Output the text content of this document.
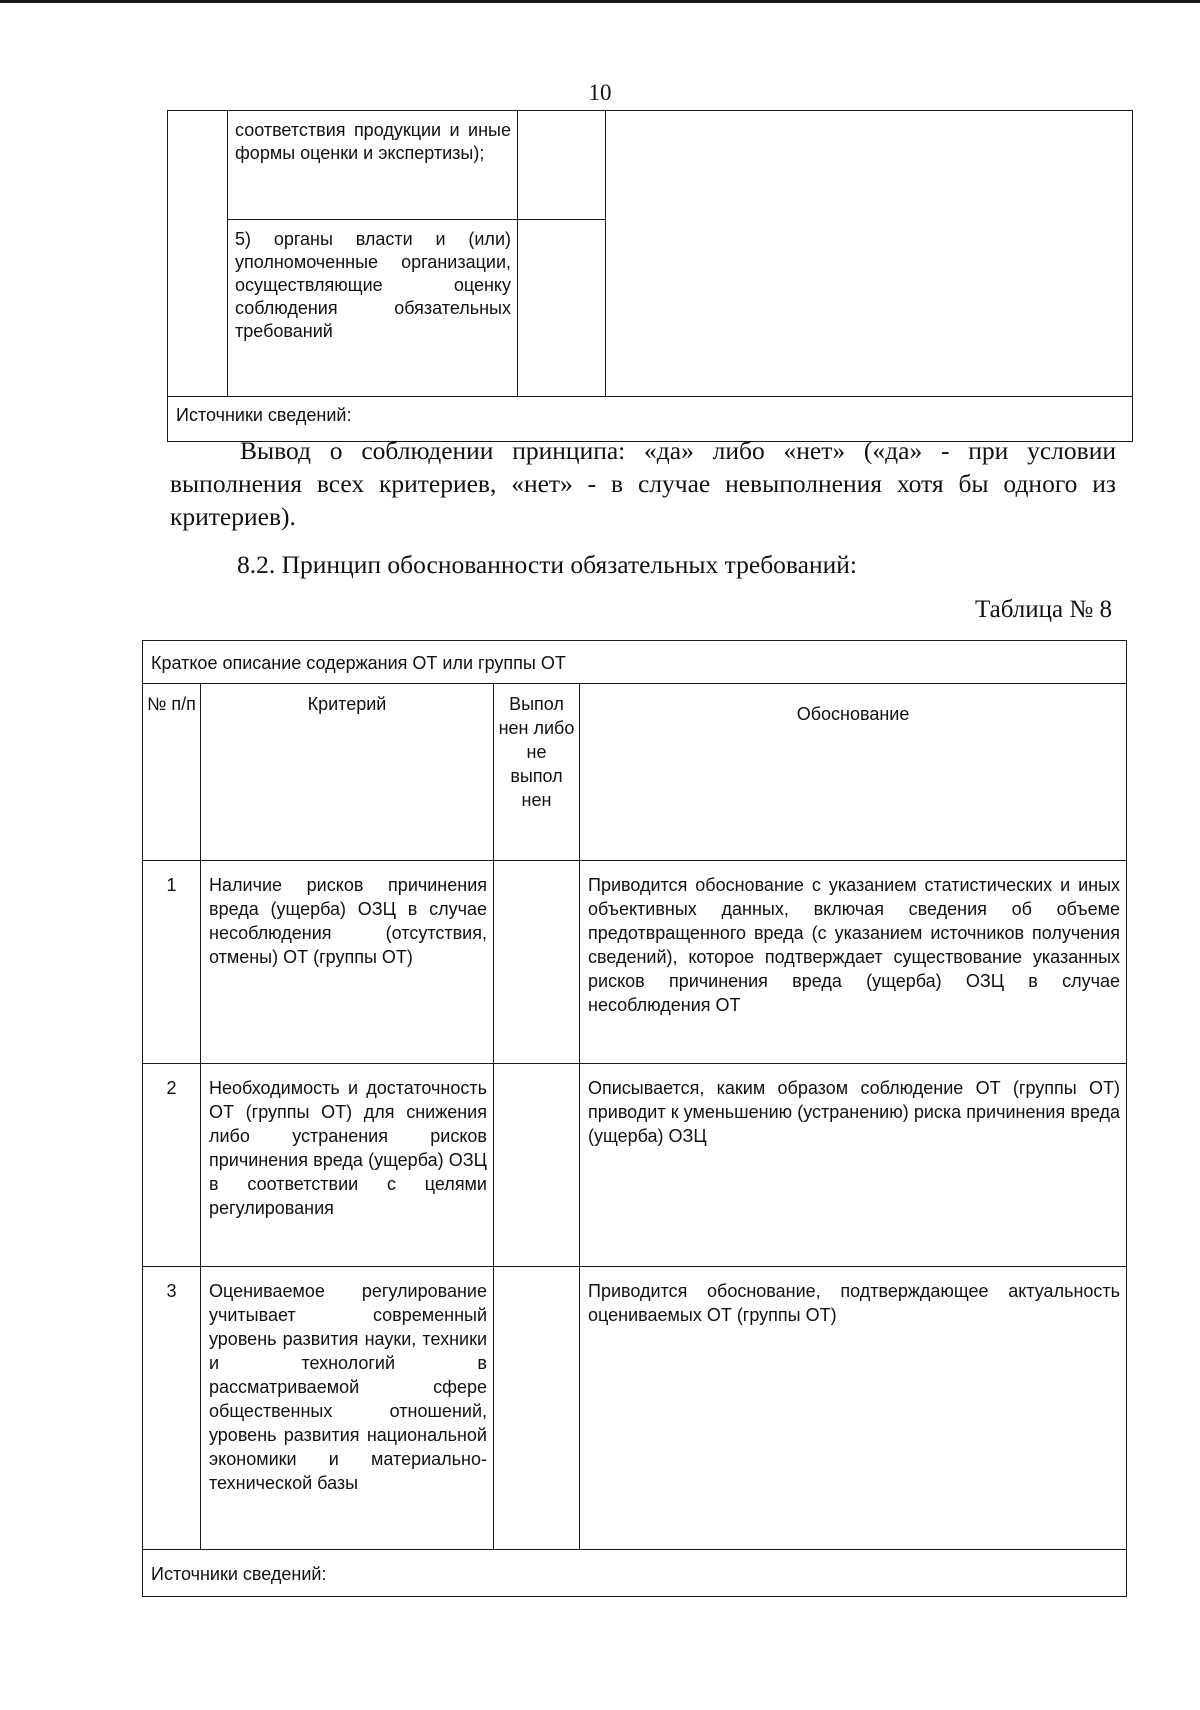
10

	соответствия продукции и иные формы оценки и экспертизы);		

	5) органы власти и (или) уполномоченные организации, осуществляющие оценку соблюдения обязательных требований		

Источники сведений:			
Вывод о соблюдении принципа: «да» либо «нет» («да» - при условии выполнения всех критериев, «нет» - в случае невыполнения хотя бы одного из критериев).
8.2. Принцип обоснованности обязательных требований:
Таблица № 8
Краткое описание содержания ОТ или группы ОТ			
№ п/п	Критерий	Выпол нен либо не выпол нен	Обоснование
1	Наличие рисков причинения вреда (ущерба) ОЗЦ в случае несоблюдения (отсутствия, отмены) ОТ (группы ОТ)		Приводится обоснование с указанием статистических и иных объективных данных, включая сведения об объеме предотвращенного вреда (с указанием источников получения сведений), которое подтверждает существование указанных рисков причинения вреда (ущерба) ОЗЦ в случае несоблюдения ОТ
2	Необходимость и достаточность ОТ (группы ОТ) для снижения либо устранения рисков причинения вреда (ущерба) ОЗЦ в соответствии с целями регулирования		Описывается, каким образом соблюдение ОТ (группы ОТ) приводит к уменьшению (устранению) риска причинения вреда (ущерба) ОЗЦ
3	Оцениваемое регулирование учитывает современный уровень развития науки, техники и технологий в рассматриваемой сфере общественных отношений, уровень развития национальной экономики и материально-технической базы		Приводится обоснование, подтверждающее актуальность оцениваемых ОТ (группы ОТ)
Источники сведений:			
